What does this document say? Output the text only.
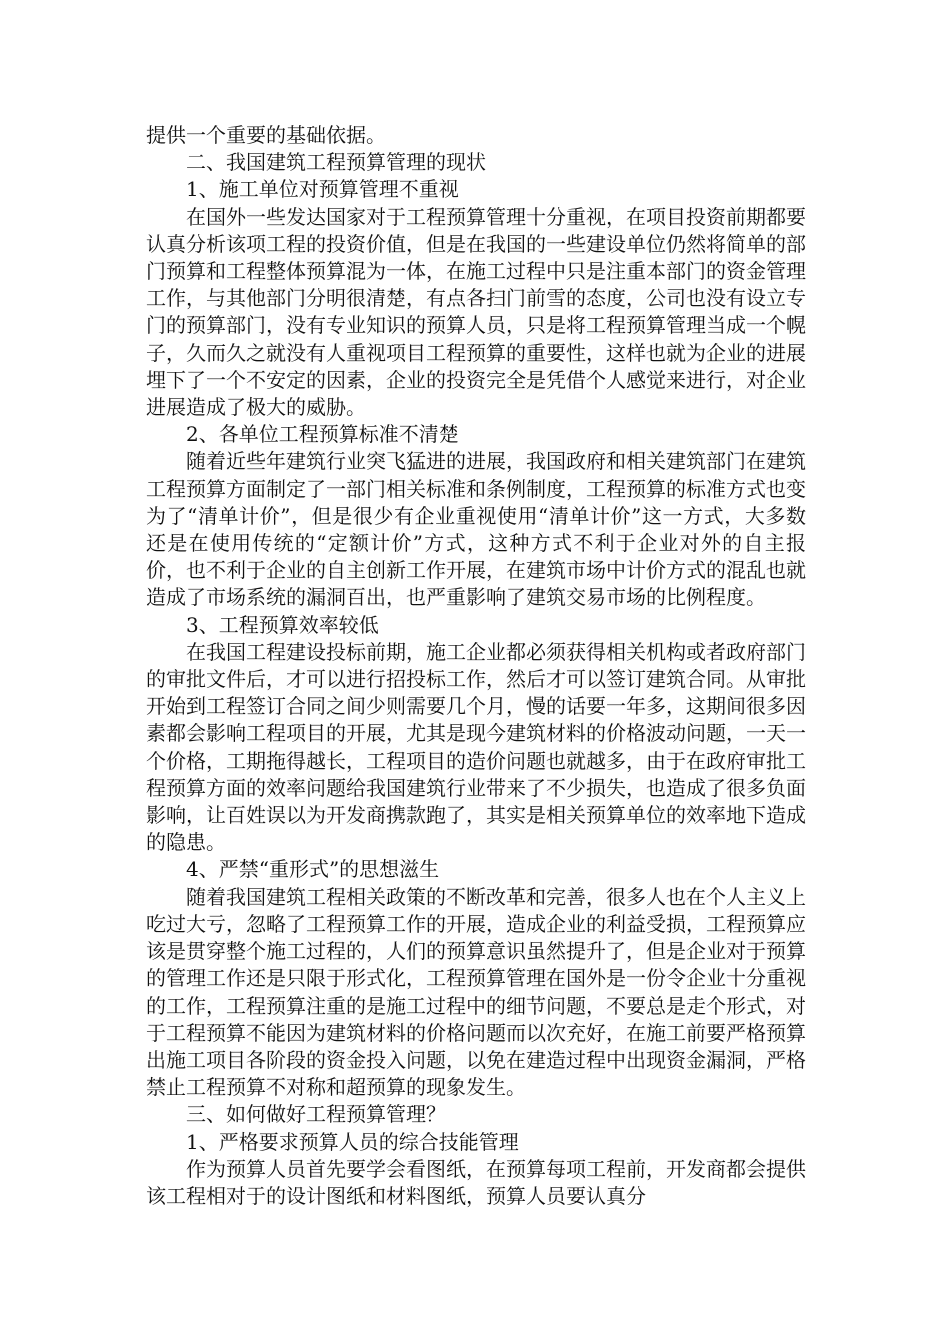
提供一个重要的基础依据。

二、我国建筑工程预算管理的现状

1、施工单位对预算管理不重视

在国外一些发达国家对于工程预算管理十分重视，在项目投资前期都要认真分析该项工程的投资价值，但是在我国的一些建设单位仍然将简单的部门预算和工程整体预算混为一体，在施工过程中只是注重本部门的资金管理工作，与其他部门分明很清楚，有点各扫门前雪的态度，公司也没有设立专门的预算部门，没有专业知识的预算人员，只是将工程预算管理当成一个幌子，久而久之就没有人重视项目工程预算的重要性，这样也就为企业的进展埋下了一个不安定的因素，企业的投资完全是凭借个人感觉来进行，对企业进展造成了极大的威胁。

2、各单位工程预算标准不清楚

随着近些年建筑行业突飞猛进的进展，我国政府和相关建筑部门在建筑工程预算方面制定了一部门相关标准和条例制度，工程预算的标准方式也变为了“清单计价”，但是很少有企业重视使用“清单计价”这一方式，大多数还是在使用传统的“定额计价”方式，这种方式不利于企业对外的自主报价，也不利于企业的自主创新工作开展，在建筑市场中计价方式的混乱也就造成了市场系统的漏洞百出，也严重影响了建筑交易市场的比例程度。

3、工程预算效率较低

在我国工程建设投标前期，施工企业都必须获得相关机构或者政府部门的审批文件后，才可以进行招投标工作，然后才可以签订建筑合同。从审批开始到工程签订合同之间少则需要几个月，慢的话要一年多，这期间很多因素都会影响工程项目的开展，尤其是现今建筑材料的价格波动问题，一天一个价格，工期拖得越长，工程项目的造价问题也就越多，由于在政府审批工程预算方面的效率问题给我国建筑行业带来了不少损失，也造成了很多负面影响，让百姓误以为开发商携款跑了，其实是相关预算单位的效率地下造成的隐患。

4、严禁“重形式”的思想滋生

随着我国建筑工程相关政策的不断改革和完善，很多人也在个人主义上吃过大亏，忽略了工程预算工作的开展，造成企业的利益受损，工程预算应该是贯穿整个施工过程的，人们的预算意识虽然提升了，但是企业对于预算的管理工作还是只限于形式化，工程预算管理在国外是一份令企业十分重视的工作，工程预算注重的是施工过程中的细节问题，不要总是走个形式，对于工程预算不能因为建筑材料的价格问题而以次充好，在施工前要严格预算出施工项目各阶段的资金投入问题，以免在建造过程中出现资金漏洞，严格禁止工程预算不对称和超预算的现象发生。

三、如何做好工程预算管理？

1、严格要求预算人员的综合技能管理

作为预算人员首先要学会看图纸，在预算每项工程前，开发商都会提供该工程相对于的设计图纸和材料图纸，预算人员要认真分
